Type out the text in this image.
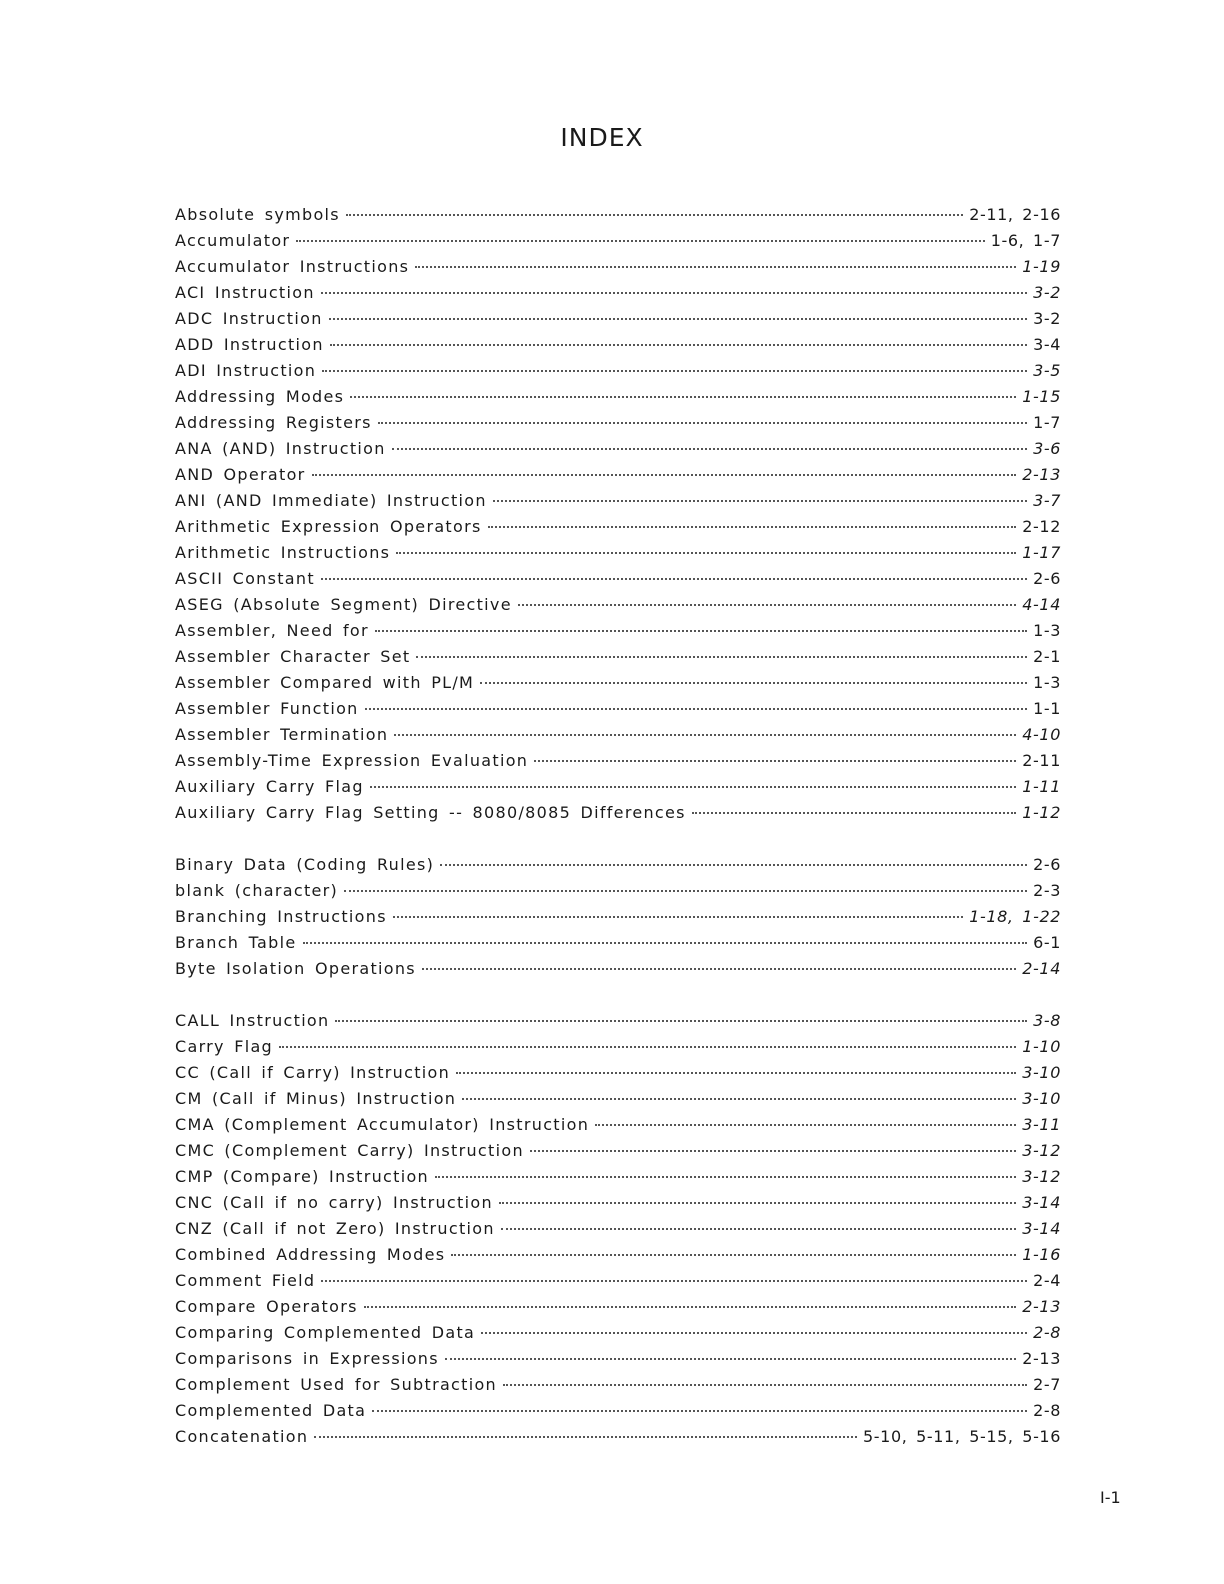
INDEX
Absolute symbols	2-11, 2-16
Accumulator	1-6, 1-7
Accumulator Instructions	1-19
ACI Instruction	3-2
ADC Instruction	3-2
ADD Instruction	3-4
ADI Instruction	3-5
Addressing Modes	1-15
Addressing Registers	1-7
ANA (AND) Instruction	3-6
AND Operator	2-13
ANI (AND Immediate) Instruction	3-7
Arithmetic Expression Operators	2-12
Arithmetic Instructions	1-17
ASCII Constant	2-6
ASEG (Absolute Segment) Directive	4-14
Assembler, Need for	1-3
Assembler Character Set	2-1
Assembler Compared with PL/M	1-3
Assembler Function	1-1
Assembler Termination	4-10
Assembly-Time Expression Evaluation	2-11
Auxiliary Carry Flag	1-11
Auxiliary Carry Flag Setting -- 8080/8085 Differences	1-12
Binary Data (Coding Rules)	2-6
blank (character)	2-3
Branching Instructions	1-18, 1-22
Branch Table	6-1
Byte Isolation Operations	2-14
CALL Instruction	3-8
Carry Flag	1-10
CC (Call if Carry) Instruction	3-10
CM (Call if Minus) Instruction	3-10
CMA (Complement Accumulator) Instruction	3-11
CMC (Complement Carry) Instruction	3-12
CMP (Compare) Instruction	3-12
CNC (Call if no carry) Instruction	3-14
CNZ (Call if not Zero) Instruction	3-14
Combined Addressing Modes	1-16
Comment Field	2-4
Compare Operators	2-13
Comparing Complemented Data	2-8
Comparisons in Expressions	2-13
Complement Used for Subtraction	2-7
Complemented Data	2-8
Concatenation	5-10, 5-11, 5-15, 5-16
I-1
